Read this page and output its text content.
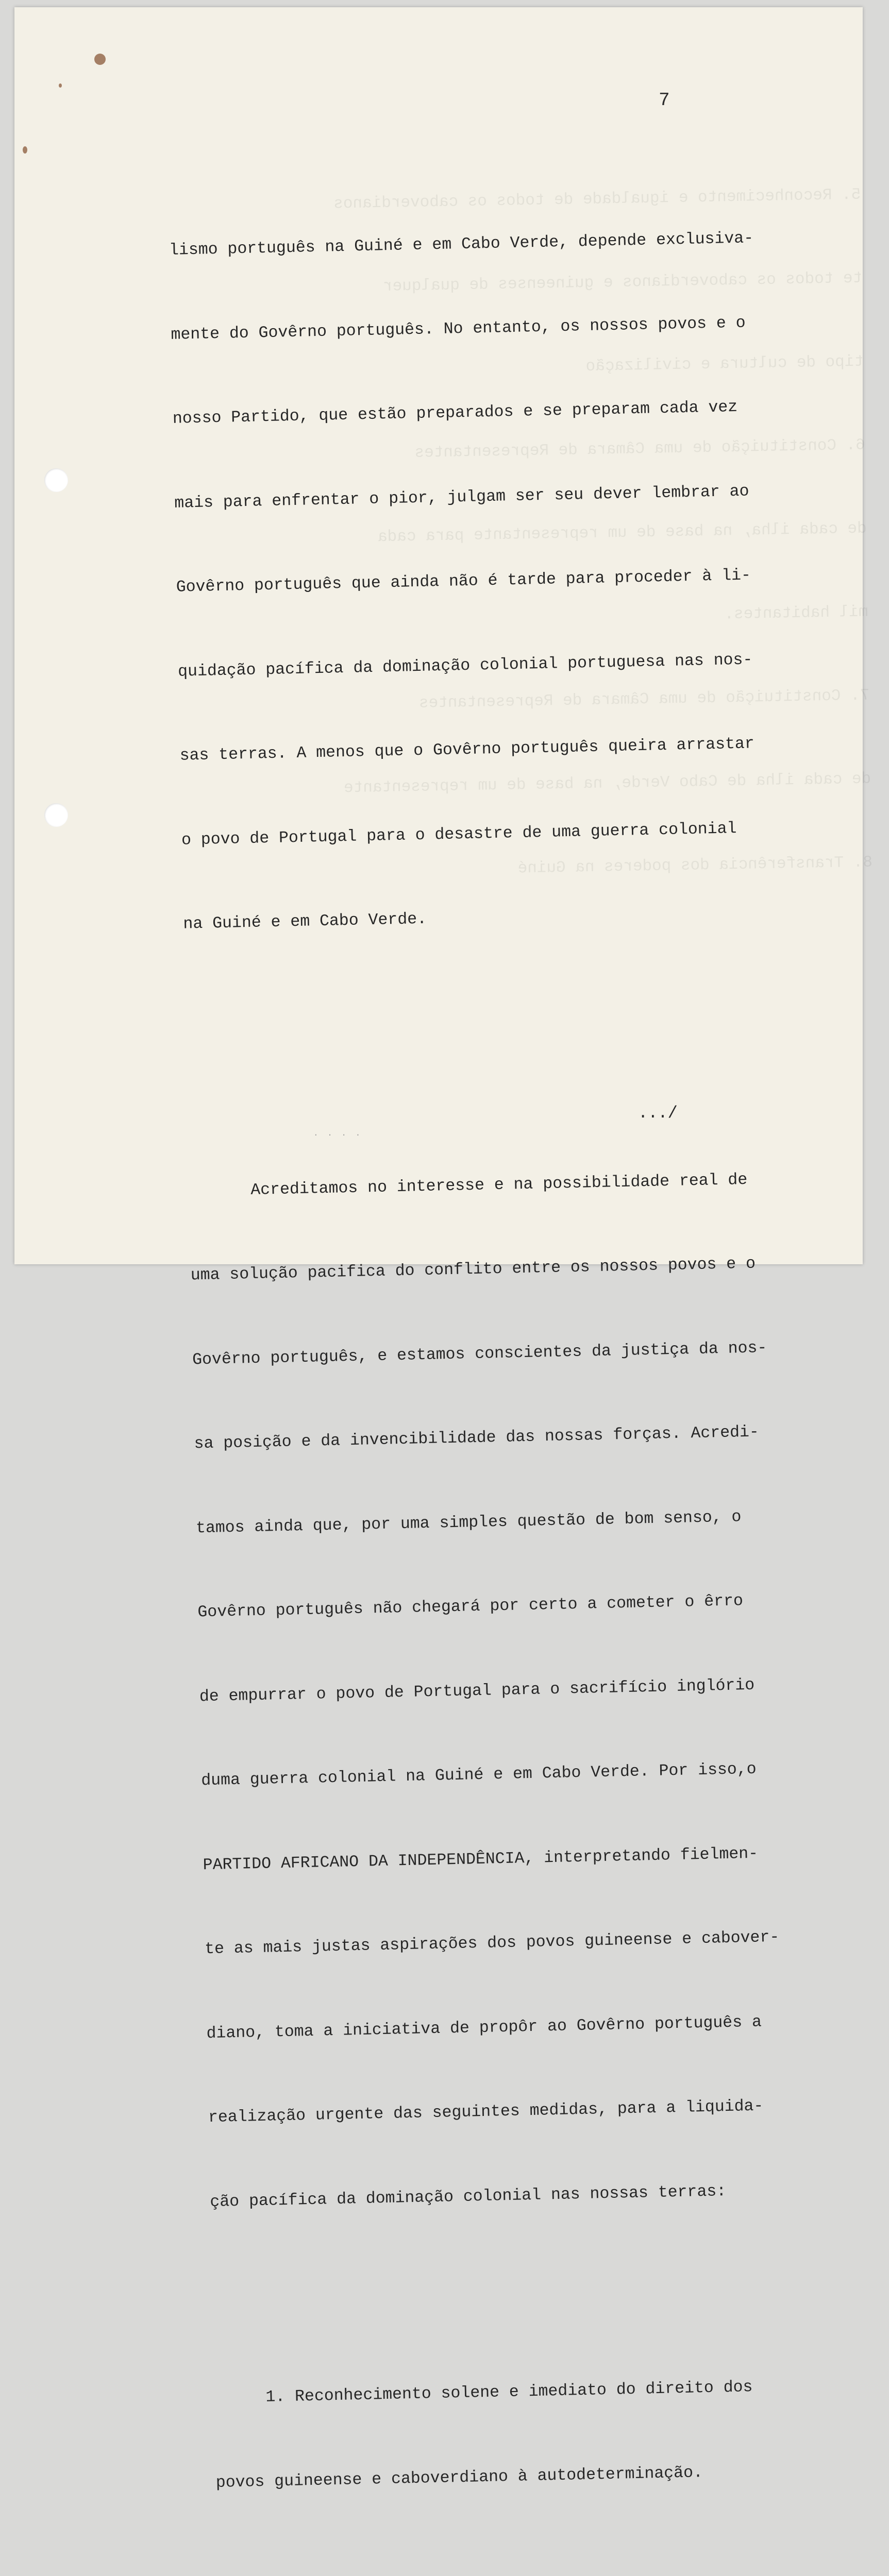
5. Reconhecimento e igualdade de todos os caboverdianos

te todos os caboverdianos e guineenses de qualquer

tipo de cultura e civilização

6. Constituição de uma Câmara de Representantes

de cada ilha, na base de um representante para cada

mil habitantes.

7. Constituição de uma Câmara de Representantes

de cada ilha de Cabo Verde, na base de um representante

8. Transferência dos poderes na Guiné

7

lismo português na Guiné e em Cabo Verde, depende exclusiva-

mente do Govêrno português. No entanto, os nossos povos e o

nosso Partido, que estão preparados e se preparam cada vez

mais para enfrentar o pior, julgam ser seu dever lembrar ao

Govêrno português que ainda não é tarde para proceder à li-

quidação pacífica da dominação colonial portuguesa nas nos-

sas terras. A menos que o Govêrno português queira arrastar

o povo de Portugal para o desastre de uma guerra colonial

na Guiné e em Cabo Verde.

Acreditamos no interesse e na possibilidade real de

uma solução pacifica do conflito entre os nossos povos e o

Govêrno português, e estamos conscientes da justiça da nos-

sa posição e da invencibilidade das nossas forças. Acredi-

tamos ainda que, por uma simples questão de bom senso, o

Govêrno português não chegará por certo a cometer o êrro

de empurrar o povo de Portugal para o sacrifício inglório

duma guerra colonial na Guiné e em Cabo Verde. Por isso,o

PARTIDO AFRICANO DA INDEPENDÊNCIA, interpretando fielmen-

te as mais justas aspirações dos povos guineense e cabover-

diano, toma a iniciativa de propôr ao Govêrno português a

realização urgente das seguintes medidas, para a liquida-

ção pacífica da dominação colonial nas nossas terras:

1. Reconhecimento solene e imediato do direito dos

povos guineense e caboverdiano à autodeterminação.

.../
· · · ·
